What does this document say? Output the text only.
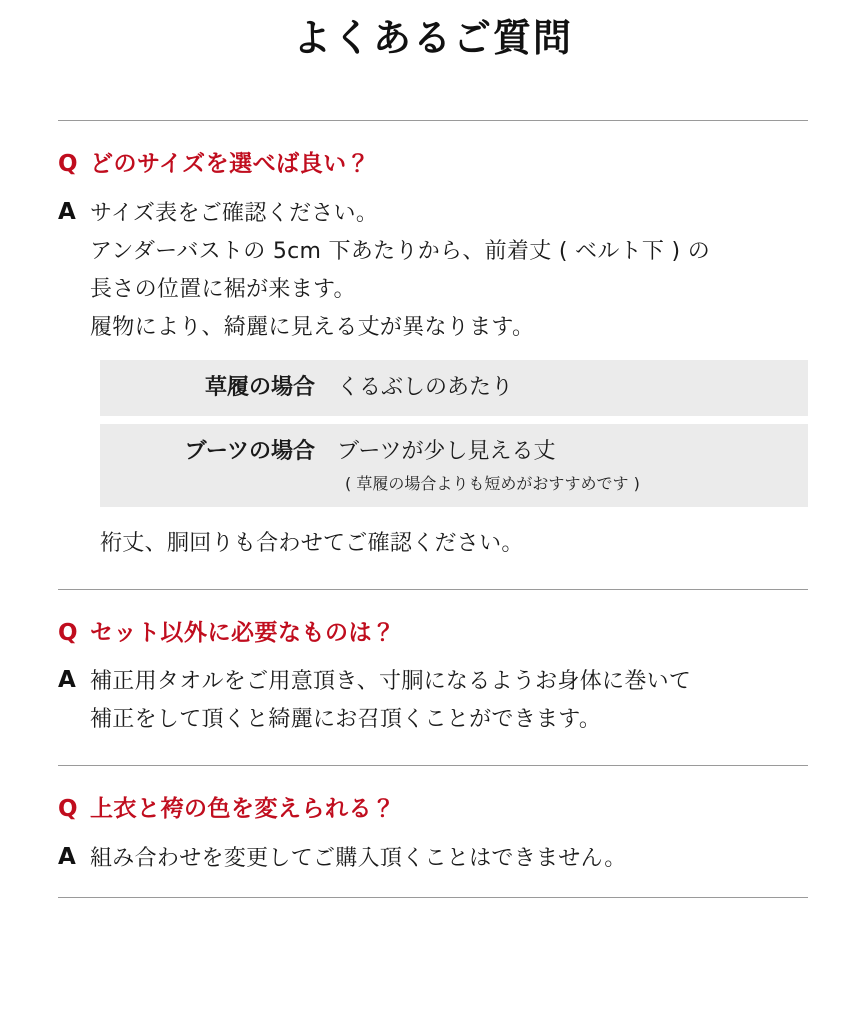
よくあるご質問
Q どのサイズを選べば良い？
A サイズ表をご確認ください。
アンダーバストの 5cm 下あたりから、前着丈 ( ベルト下 ) の
長さの位置に裾が来ます。
履物により、綺麗に見える丈が異なります。
草履の場合	くるぶしのあたり
ブーツの場合	ブーツが少し見える丈
( 草履の場合よりも短めがおすすめです )
裄丈、胴回りも合わせてご確認ください。
Q セット以外に必要なものは？
A 補正用タオルをご用意頂き、寸胴になるようお身体に巻いて
補正をして頂くと綺麗にお召頂くことができます。
Q 上衣と袴の色を変えられる？
A 組み合わせを変更してご購入頂くことはできません。
